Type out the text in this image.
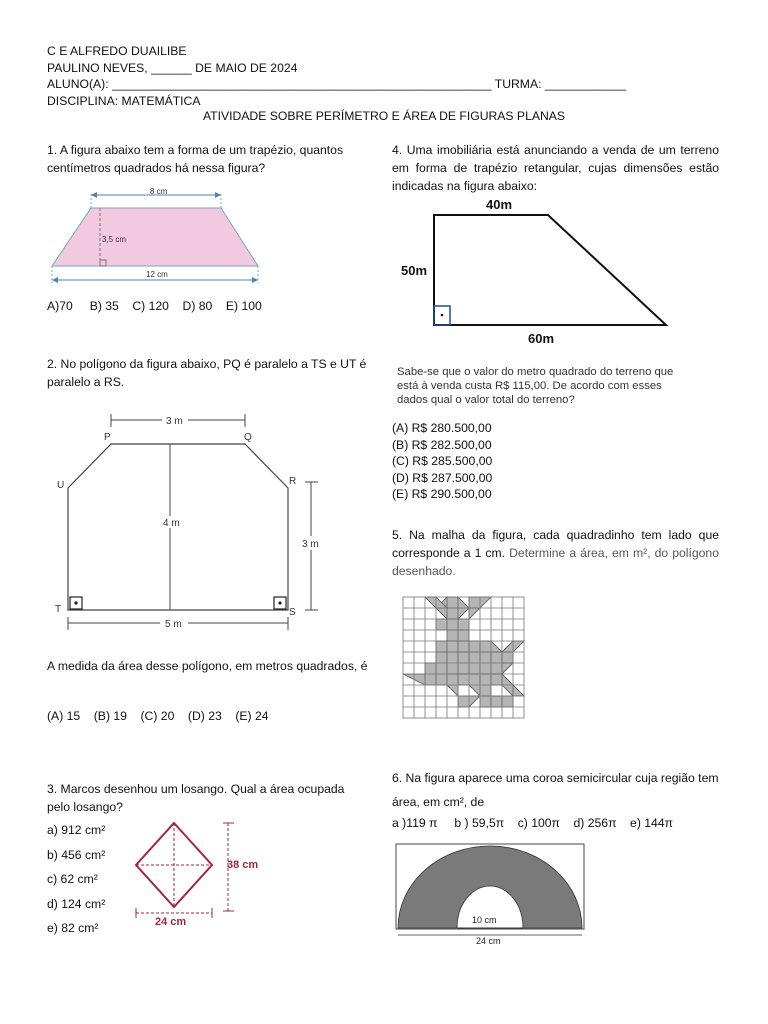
C E ALFREDO DUAILIBE
PAULINO NEVES, ______ DE MAIO DE 2024
ALUNO(A): ________________________________________________________ TURMA: ____________
DISCIPLINA: MATEMÁTICA
ATIVIDADE SOBRE PERÍMETRO E ÁREA DE FIGURAS PLANAS
1. A figura abaixo tem a forma de um trapézio, quantos centímetros quadrados há nessa figura?
8 cm
3,5 cm
12 cm
A)70 B) 35 C) 120 D) 80 E) 100
2. No polígono da figura abaixo, PQ é paralelo a TS e UT é paralelo a RS.
3 m
4 m
3 m
5 m
P	Q
R
S
T
U
A medida da área desse polígono, em metros quadrados, é
(A) 15 (B) 19 (C) 20 (D) 23 (E) 24
3. Marcos desenhou um losango. Qual a área ocupada pelo losango?
a) 912 cm²
b) 456 cm²
c) 62 cm²
d) 124 cm²
e) 82 cm²
38 cm
24 cm
4. Uma imobiliária está anunciando a venda de um terreno em forma de trapézio retangular, cujas dimensões estão indicadas na figura abaixo:
40m
50m
60m
Sabe-se que o valor do metro quadrado do terreno que está à venda custa R$ 115,00. De acordo com esses dados qual o valor total do terreno?
(A) R$ 280.500,00
(B) R$ 282.500,00
(C) R$ 285.500,00
(D) R$ 287.500,00
(E) R$ 290.500,00
5. Na malha da figura, cada quadradinho tem lado que corresponde a 1 cm. Determine a área, em m², do polígono desenhado.
6. Na figura aparece uma coroa semicircular cuja região tem área, em cm², de
a )119 π b ) 59,5π c) 100π d) 256π e) 144π
10 cm
24 cm
